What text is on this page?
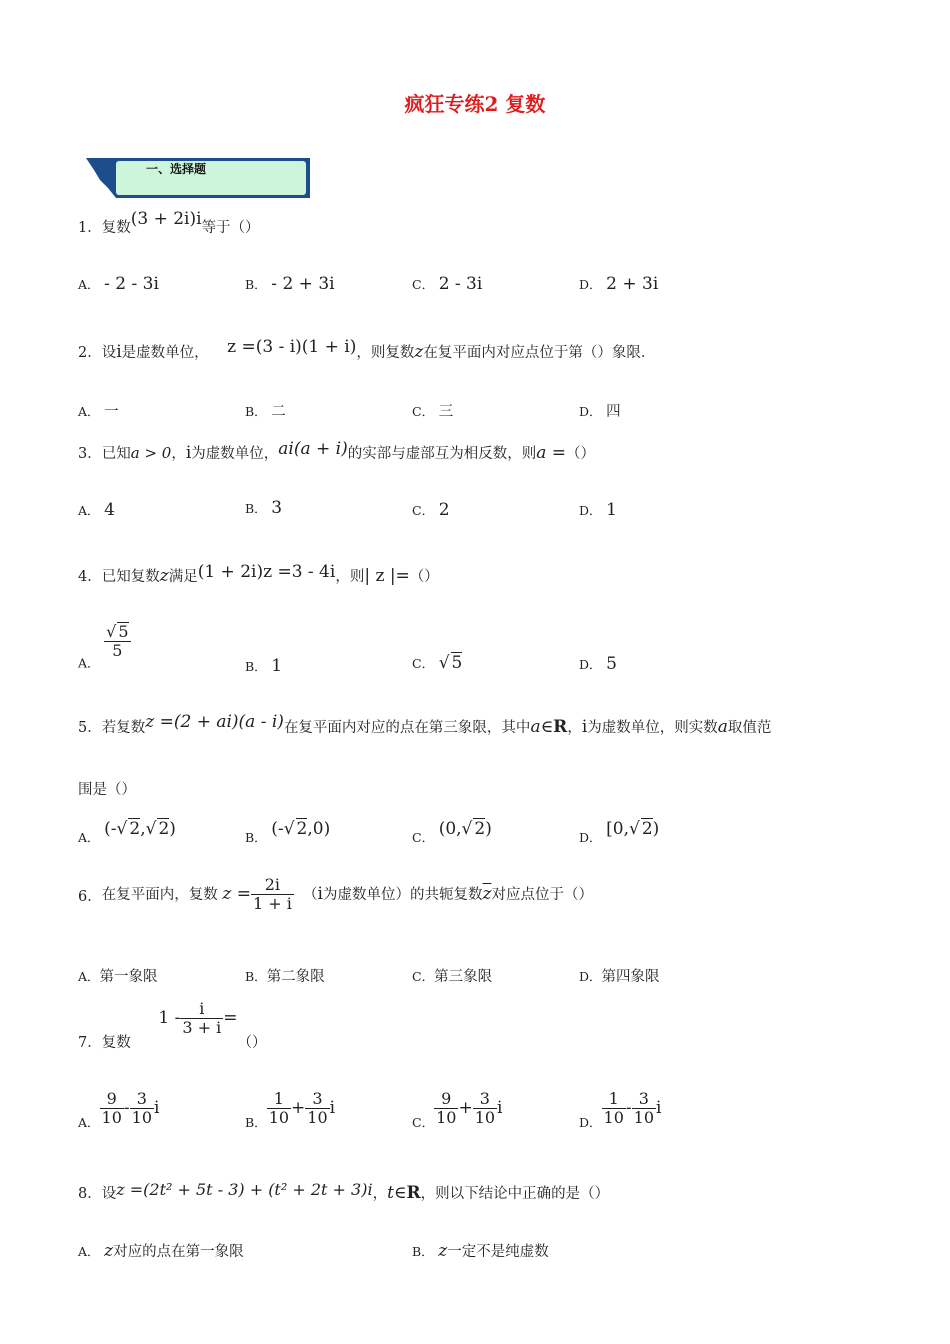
疯狂专练2 复数
一、选择题
1．复数(3 + 2i)i等于（）
A． - 2 - 3i	B． - 2 + 3i	C． 2 - 3i	D． 2 + 3i
2．设i是虚数单位， z =(3 - i)(1 + i)，则复数z在复平面内对应点位于第（）象限．
A． 一	B． 二	C． 三	D． 四
3．已知a > 0，i为虚数单位，ai(a + i)的实部与虚部互为相反数，则a =（）
A． 4	B． 3	C． 2	D． 1
4．已知复数z满足(1 + 2i)z =3 - 4i，则| z |=（）
A．
$\frac{√ 5}{5}$
B． 1	C． √ 5	D． 5
5．若复数z =(2 + ai)(a - i)在复平面内对应的点在第三象限，其中a∈R，i为虚数单位，则实数a取值范
围是（）
A． (-√ 2,√ 2)	B． (-√ 2,0)	C． (0,√ 2)	D． [0,√ 2)
6．在复平面内，复数 $z = \frac{2i}{1 + i} (i$为虚数单位）的共轭复数$\overline{z}$对应点位于（）
A．第一象限	B．第二象限	C．第三象限	D．第四象限
7．复数      $1 - \frac{i}{3 + i}$ =（）
A． $\frac{9}{10} - \frac{3}{10}$ i
B． $\frac{1}{10} + \frac{3}{10}$ i
C． $\frac{9}{10} + \frac{3}{10}$ i
D． $\frac{1}{10} - \frac{3}{10}$ i
8．设z =(2t² + 5t - 3) + (t² + 2t + 3)i，t∈R，则以下结论中正确的是（）
A． z对应的点在第一象限	B． z一定不是纯虚数
